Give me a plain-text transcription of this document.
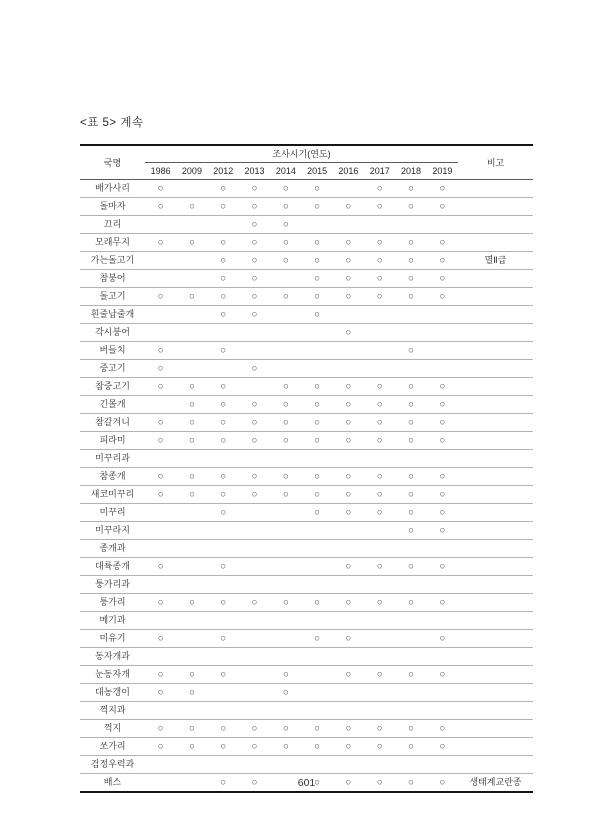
<표 5> 계속
국명	조사시기(연도)										비고
	1986	2009	2012	2013	2014	2015	2016	2017	2018	2019	
배가사리	○		○	○	○	○		○	○	○	
돌마자	○	○	○	○	○	○	○	○	○	○	
끄리				○	○						
모래무지	○	○	○	○	○	○	○	○	○	○	
가는돌고기			○	○	○	○	○	○	○	○	멸Ⅱ급
참붕어			○	○		○	○	○	○	○	
돌고기	○	○	○	○	○	○	○	○	○	○	
흰줄납줄개			○	○		○					
각시붕어							○				
버들치	○		○						○		
중고기	○			○							
참중고기	○	○	○		○	○	○	○	○	○	
긴몰개		○	○	○	○	○	○	○	○	○	
참갈겨니	○	○	○	○	○	○	○	○	○	○	
피라미	○	○	○	○	○	○	○	○	○	○	
미꾸리과											
참종개	○	○	○	○	○	○	○	○	○	○	
새코미꾸리	○	○	○	○	○	○	○	○	○	○	
미꾸리			○			○	○	○	○	○	
미꾸라지									○	○	
종개과											
대륙종개	○		○				○	○	○	○	
퉁가리과											
퉁가리	○	○	○	○	○	○	○	○	○	○	
메기과											
미유기	○		○			○	○			○	
동자개과											
눈동자개	○	○	○		○		○	○	○	○	
대농갱이	○	○			○						
꺽지과											
꺽지	○	○	○	○	○	○	○	○	○	○	
쏘가리	○	○	○	○	○	○	○	○	○	○	
검정우럭과											
배스			○	○		○	○	○	○	○	생태계교란종
601
